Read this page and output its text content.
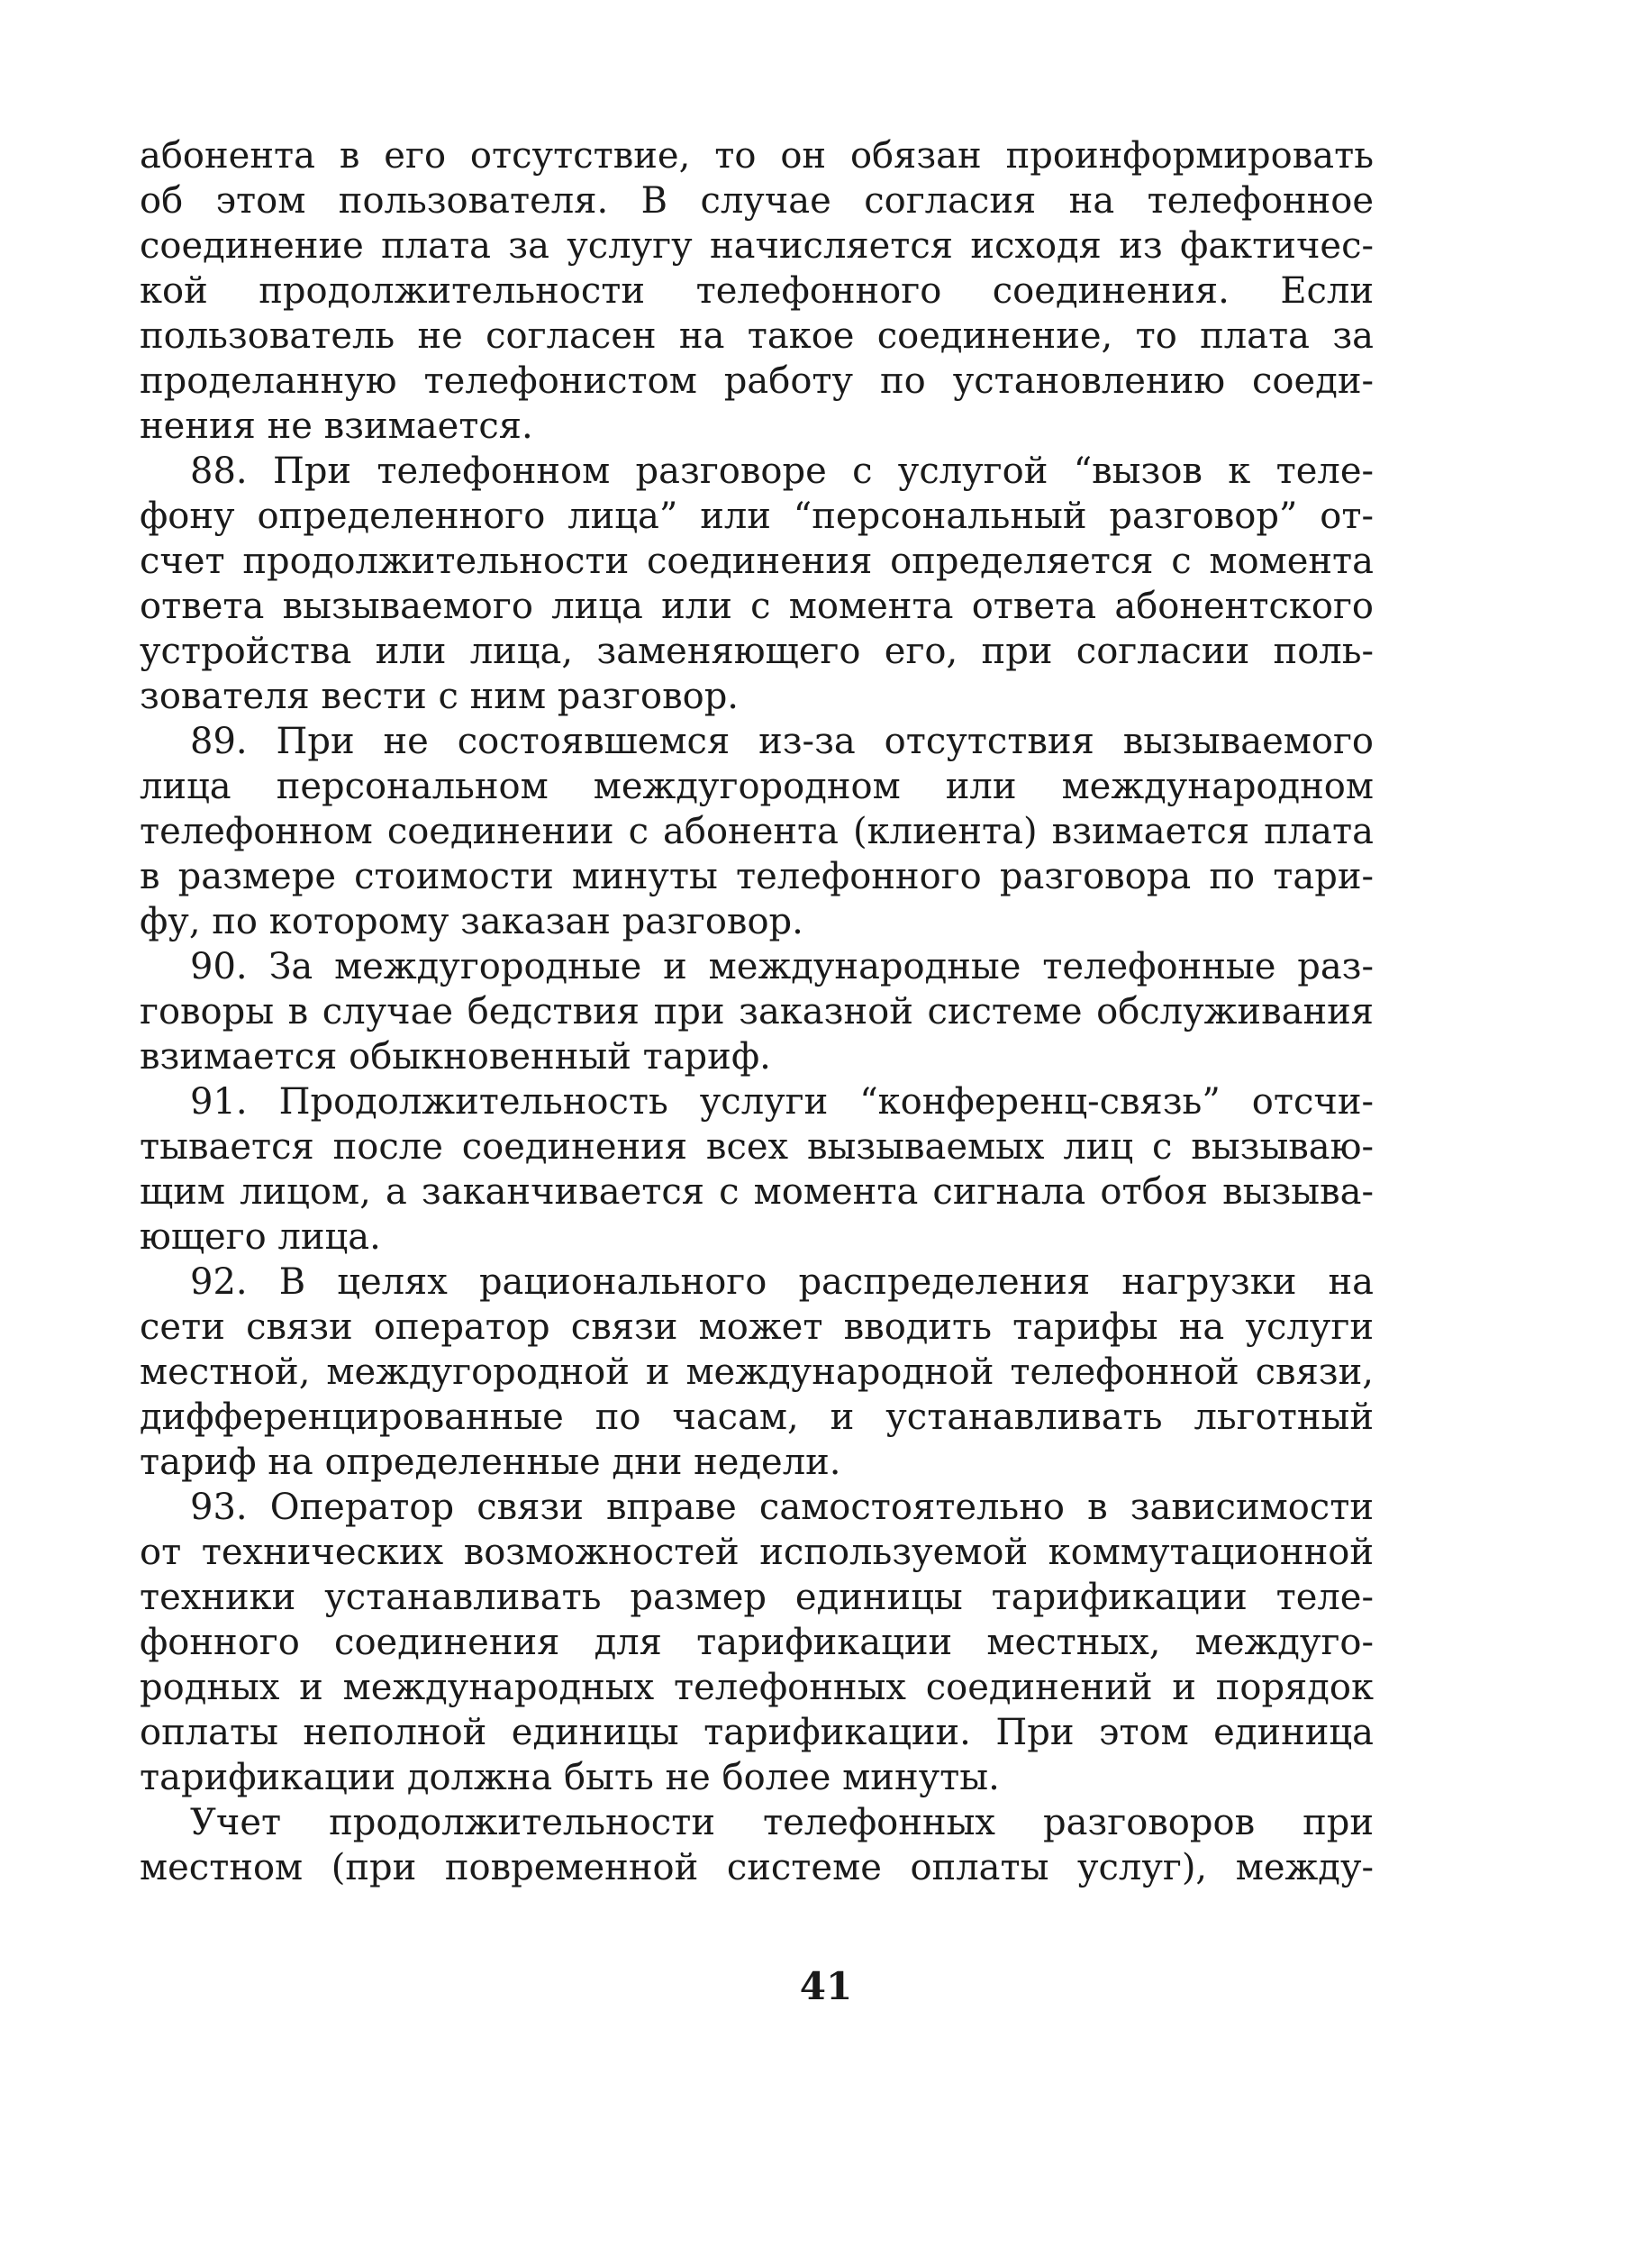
абонента в его отсутствие, то он обязан проинформировать
об этом пользователя. В случае согласия на телефонное
соединение плата за услугу начисляется исходя из фактичес-
кой продолжительности телефонного соединения. Если
пользователь не согласен на такое соединение, то плата за
проделанную телефонистом работу по установлению соеди-
нения не взимается.
88. При телефонном разговоре с услугой “вызов к теле-
фону определенного лица” или “персональный разговор” от-
счет продолжительности соединения определяется с момента
ответа вызываемого лица или с момента ответа абонентского
устройства или лица, заменяющего его, при согласии поль-
зователя вести с ним разговор.
89. При не состоявшемся из-за отсутствия вызываемого
лица персональном междугородном или международном
телефонном соединении с абонента (клиента) взимается плата
в размере стоимости минуты телефонного разговора по тари-
фу, по которому заказан разговор.
90. За междугородные и международные телефонные раз-
говоры в случае бедствия при заказной системе обслуживания
взимается обыкновенный тариф.
91. Продолжительность услуги “конференц-связь” отсчи-
тывается после соединения всех вызываемых лиц с вызываю-
щим лицом, а заканчивается с момента сигнала отбоя вызыва-
ющего лица.
92. В целях рационального распределения нагрузки на
сети связи оператор связи может вводить тарифы на услуги
местной, междугородной и международной телефонной связи,
дифференцированные по часам, и устанавливать льготный
тариф на определенные дни недели.
93. Оператор связи вправе самостоятельно в зависимости
от технических возможностей используемой коммутационной
техники устанавливать размер единицы тарификации теле-
фонного соединения для тарификации местных, междуго-
родных и международных телефонных соединений и порядок
оплаты неполной единицы тарификации. При этом единица
тарификации должна быть не более минуты.
Учет продолжительности телефонных разговоров при
местном (при повременной системе оплаты услуг), между-
41
